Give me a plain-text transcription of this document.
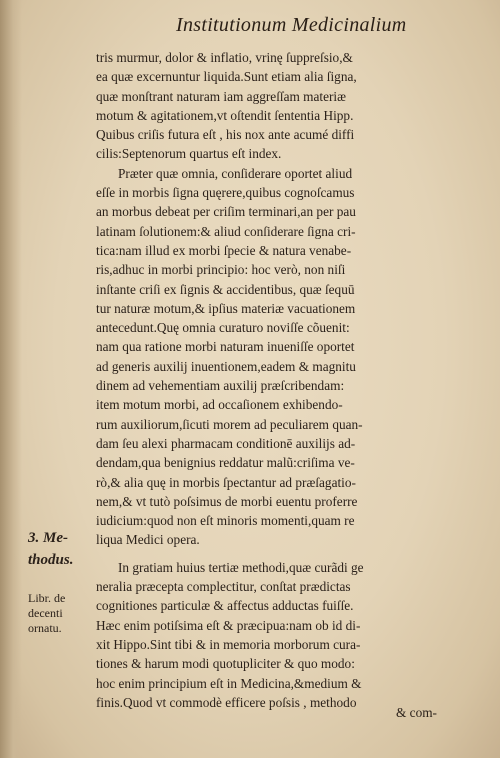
Institutionum Medicinalium
tris murmur, dolor & inflatio, vrinę ſuppreſsio,&
ea quæ excernuntur liquida.Sunt etiam alia ſigna,
quæ monſtrant naturam iam aggreſſam materiæ
motum & agitationem,vt oſtendit ſententia Hipp.
Quibus criſis futura eſt , his nox ante acumé diffi
cilis:Septenorum quartus eſt index.
Præter quæ omnia, conſiderare oportet aliud
eſſe in morbis ſigna quęrere,quibus cognoſcamus
an morbus debeat per criſim terminari,an per pau
latinam ſolutionem:& aliud conſiderare ſigna cri-
tica:nam illud ex morbi ſpecie & natura venabe-
ris,adhuc in morbi principio: hoc verò, non niſi
inſtante criſi ex ſignis & accidentibus, quæ ſequū
tur naturæ motum,& ipſius materiæ vacuationem
antecedunt.Quę omnia curaturo noviſſe cõuenit:
nam qua ratione morbi naturam inueniſſe oportet
ad generis auxilij inuentionem,eadem & magnitu
dinem ad vehementiam auxilij præſcribendam:
item motum morbi, ad occaſionem exhibendo-
rum auxiliorum,ſicuti morem ad peculiarem quan-
dam ſeu alexi pharmacam conditionē auxilijs ad-
dendam,qua benignius reddatur malũ:criſima ve-
rò,& alia quę in morbis ſpectantur ad præſagatio-
nem,& vt tutò poſsimus de morbi euentu proferre
iudicium:quod non eſt minoris momenti,quam re
liqua Medici opera.
In gratiam huius tertiæ methodi,quæ curãdi ge
neralia præcepta complectitur, conſtat prædictas
cognitiones particulæ & affectus adductas fuiſſe.
Hæc enim potiſsima eſt & præcipua:nam ob id di-
xit Hippo.Sint tibi & in memoria morborum cura-
tiones & harum modi quotupliciter & quo modo:
hoc enim principium eſt in Medicina,&medium &
finis.Quod vt commodè efficere poſsis , methodo
3. Me- thodus.
Libr. de decenti ornatu.
& com-
